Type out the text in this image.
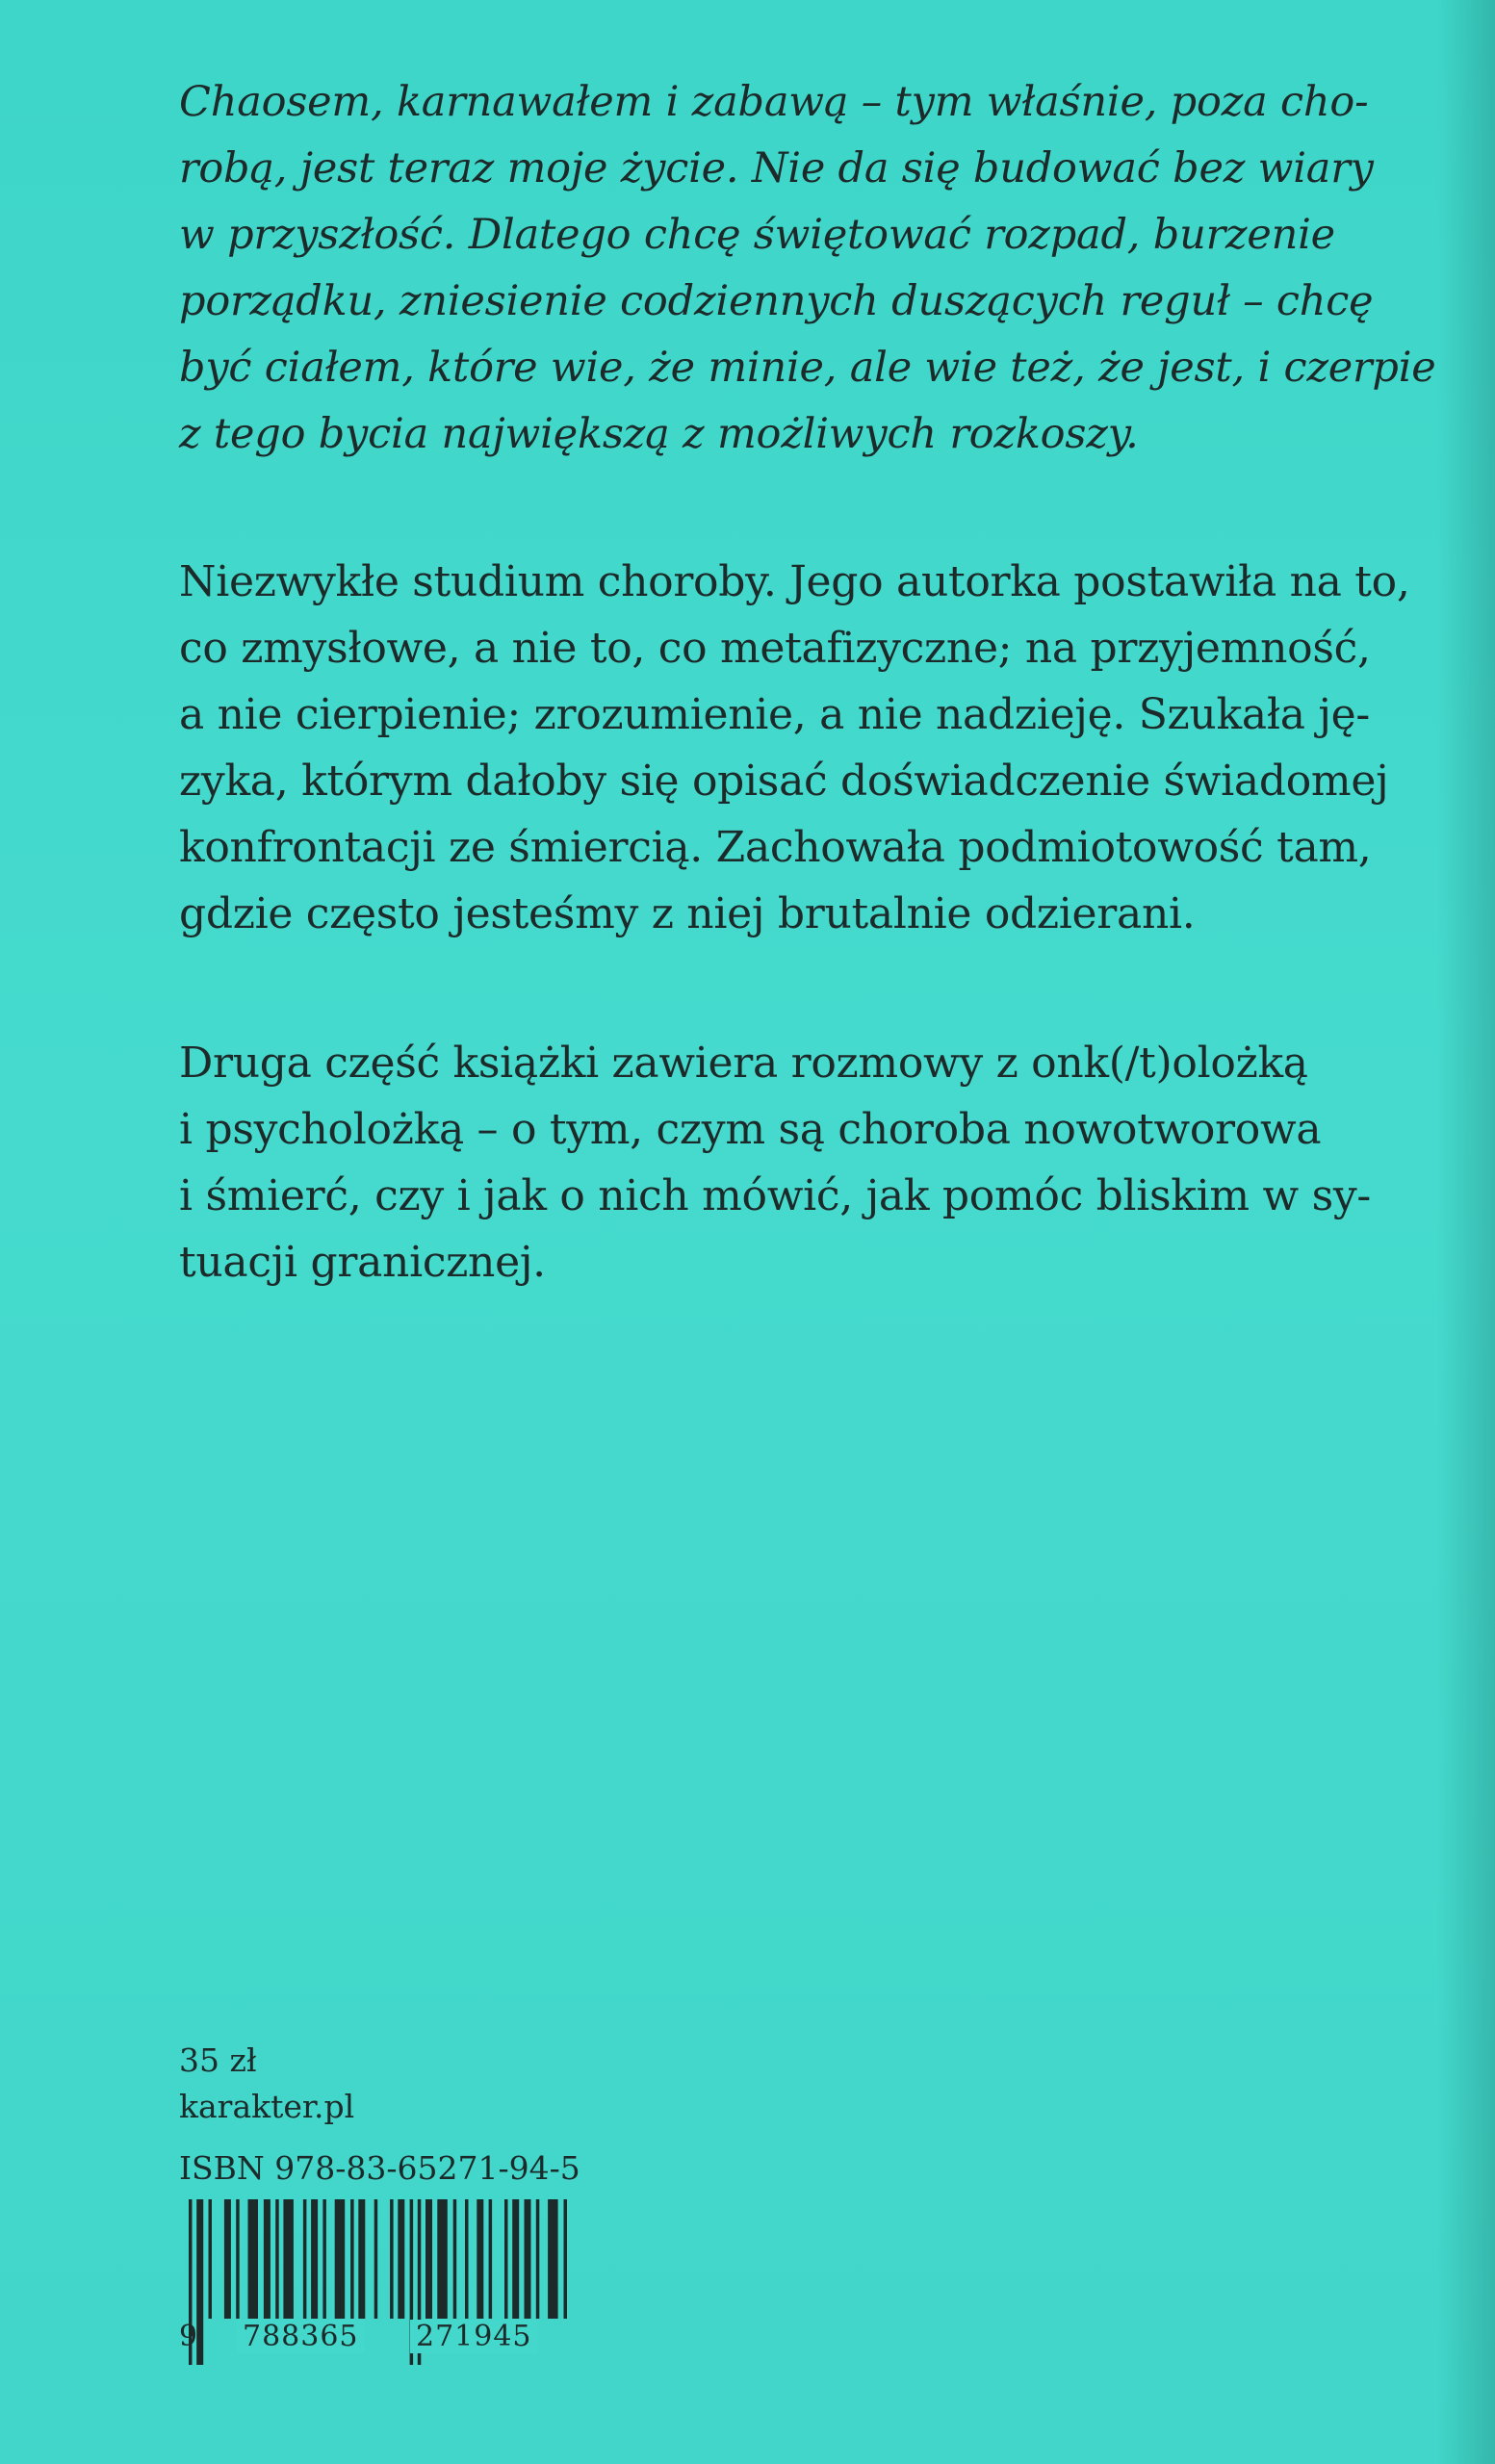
Chaosem, karnawałem i zabawą – tym właśnie, poza cho-
robą, jest teraz moje życie. Nie da się budować bez wiary
w przyszłość. Dlatego chcę świętować rozpad, burzenie
porządku, zniesienie codziennych duszących reguł – chcę
być ciałem, które wie, że minie, ale wie też, że jest, i czerpie
z tego bycia największą z możliwych rozkoszy.

Niezwykłe studium choroby. Jego autorka postawiła na to,
co zmysłowe, a nie to, co metafizyczne; na przyjemność,
a nie cierpienie; zrozumienie, a nie nadzieję. Szukała ję-
zyka, którym dałoby się opisać doświadczenie świadomej
konfrontacji ze śmiercią. Zachowała podmiotowość tam,
gdzie często jesteśmy z niej brutalnie odzierani.

Druga część książki zawiera rozmowy z onk(/t)olożką
i psycholożką – o tym, czym są choroba nowotworowa
i śmierć, czy i jak o nich mówić, jak pomóc bliskim w sy-
tuacji granicznej.

35 zł
karakter.pl
ISBN 978-83-65271-94-5
9 788365 271945
